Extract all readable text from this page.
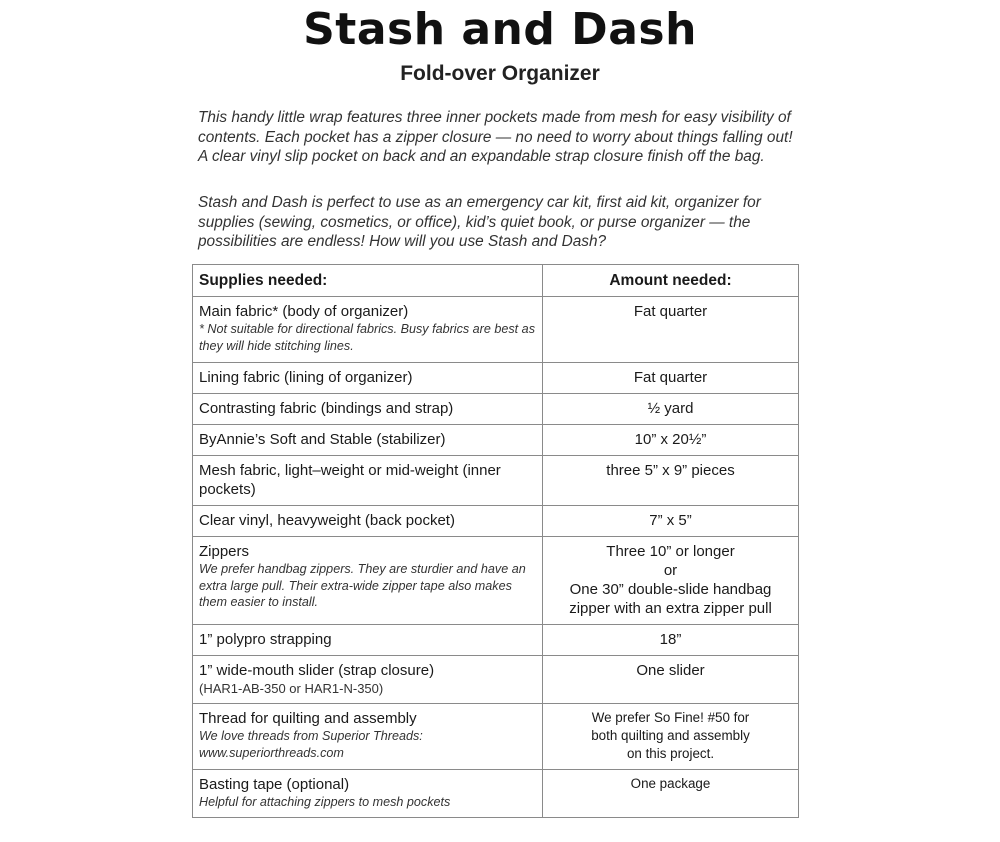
Stash and Dash
Fold-over Organizer

This handy little wrap features three inner pockets made from mesh for easy visibility of contents. Each pocket has a zipper closure — no need to worry about things falling out! A clear vinyl slip pocket on back and an expandable strap closure finish off the bag.

Stash and Dash is perfect to use as an emergency car kit, first aid kit, organizer for supplies (sewing, cosmetics, or office), kid’s quiet book, or purse organizer — the possibilities are endless! How will you use Stash and Dash?

Supplies needed:	Amount needed:
Main fabric* (body of organizer)
* Not suitable for directional fabrics. Busy fabrics are best as they will hide stitching lines.	Fat quarter

Lining fabric (lining of organizer)	Fat quarter

Contrasting fabric (bindings and strap)	½ yard

ByAnnie’s Soft and Stable (stabilizer)	10” x 20½”

Mesh fabric, light–weight or mid-weight (inner pockets)	three 5” x 9” pieces

Clear vinyl, heavyweight (back pocket)	7” x 5”

Zippers
We prefer handbag zippers. They are sturdier and have an extra large pull. Their extra-wide zipper tape also makes them easier to install.	Three 10” or longer
or
One 30” double-slide handbag zipper with an extra zipper pull

1” polypro strapping	18”

1” wide-mouth slider (strap closure)
(HAR1-AB-350 or HAR1-N-350)	One slider

Thread for quilting and assembly
We love threads from Superior Threads: www.superiorthreads.com	We prefer So Fine! #50 for
both quilting and assembly
on this project.

Basting tape (optional)
Helpful for attaching zippers to mesh pockets	One package
